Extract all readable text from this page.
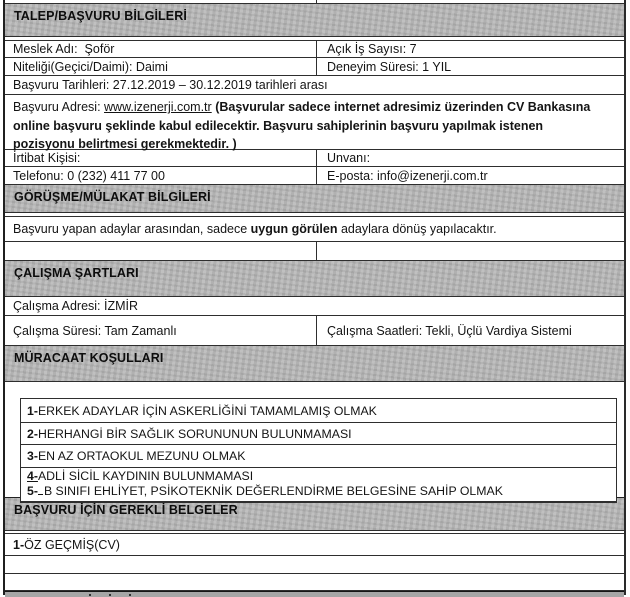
TALEP/BAŞVURU BİLGİLERİ
Meslek Adı:  Şoför	Açık İş Sayısı: 7
Niteliği(Geçici/Daimi): Daimi	Deneyim Süresi: 1 YIL
Başvuru Tarihleri: 27.12.2019 – 30.12.2019 tarihleri arası
Başvuru Adresi: www.izenerji.com.tr (Başvurular sadece internet adresimiz üzerinden CV Bankasına online başvuru şeklinde kabul edilecektir. Başvuru sahiplerinin başvuru yapılmak istenen pozisyonu belirtmesi gerekmektedir. )
İrtibat Kişisi:	Unvanı:
Telefonu: 0 (232) 411 77 00	E-posta: info@izenerji.com.tr
GÖRÜŞME/MÜLAKAT BİLGİLERİ
Başvuru yapan adaylar arasından, sadece uygun görülen adaylara dönüş yapılacaktır.
ÇALIŞMA ŞARTLARI
Çalışma Adresi: İZMİR
Çalışma Süresi: Tam Zamanlı	Çalışma Saatleri: Tekli, Üçlü Vardiya Sistemi
MÜRACAAT KOŞULLARI
1- ERKEK ADAYLAR İÇİN ASKERLİĞİNİ TAMAMLAMIŞ OLMAK
2- HERHANGİ BİR SAĞLIK SORUNUNUN BULUNMAMASI
3- EN AZ ORTAOKUL MEZUNU OLMAK
4-ADLİ SİCİL KAYDININ BULUNMAMASI
5- B SINIFI EHLİYET, PSİKOTEKNİK DEĞERLENDİRME BELGESİNE SAHİP OLMAK
BAŞVURU İÇİN GEREKLİ BELGELER
1- ÖZ GEÇMİŞ(CV)
